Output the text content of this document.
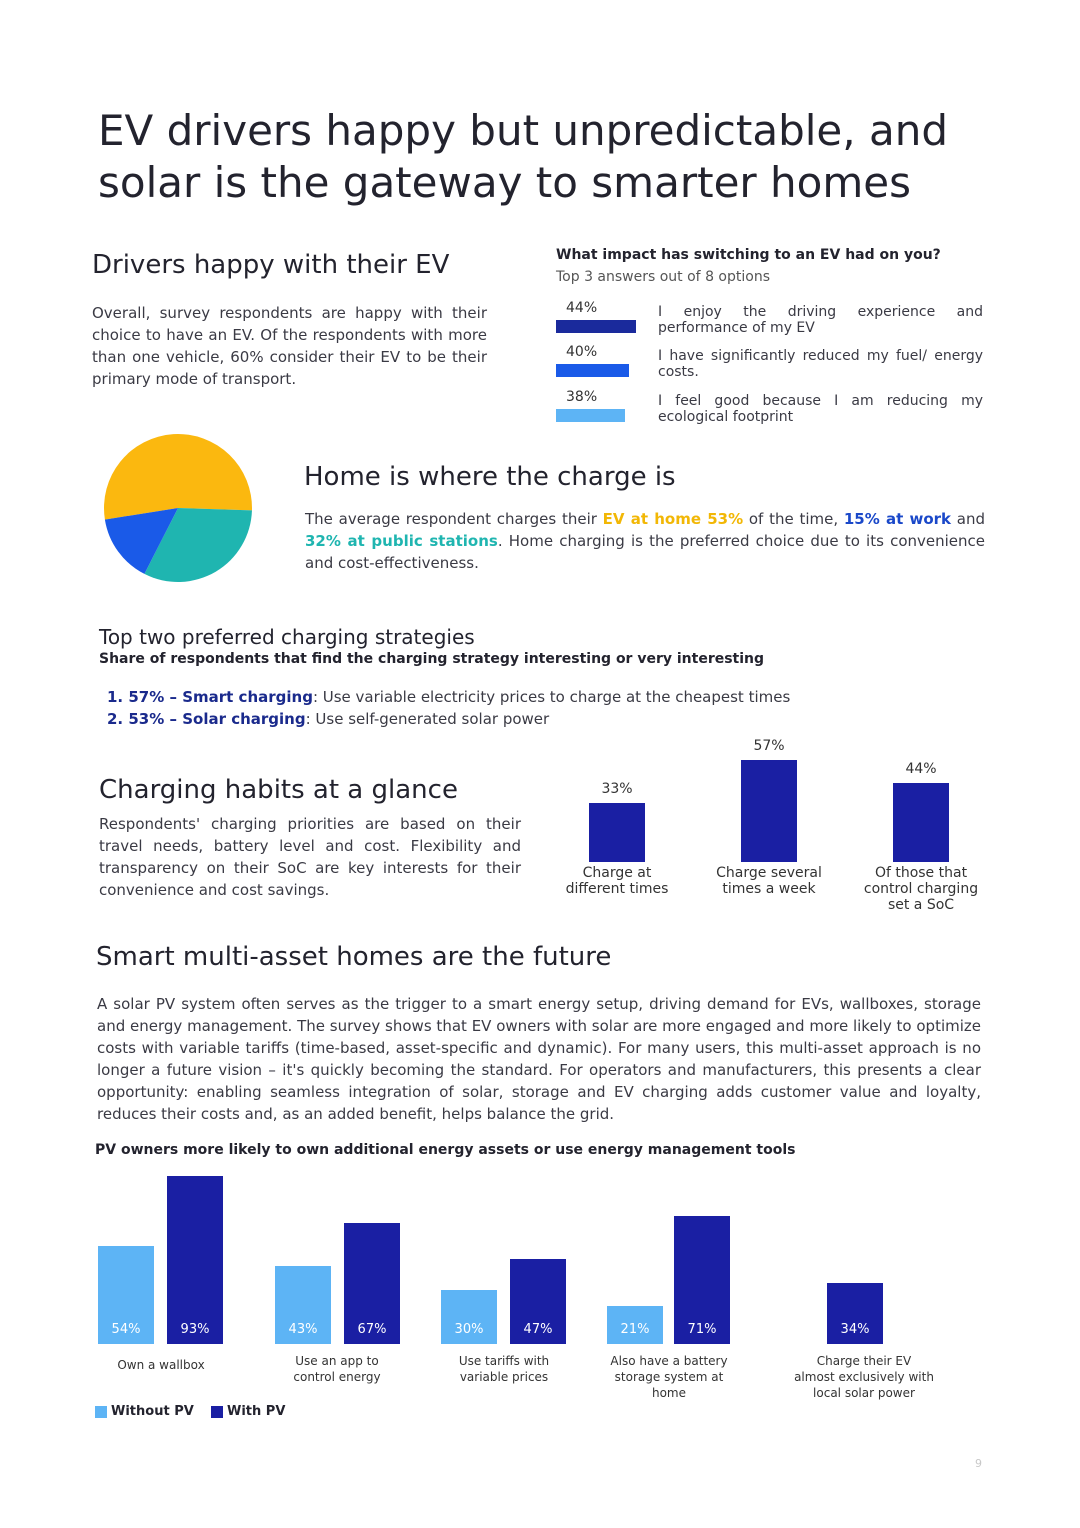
EV drivers happy but unpredictable, and
solar is the gateway to smarter homes
Drivers happy with their EV

Overall, survey respondents are happy with their choice to have an EV. Of the respondents with more than one vehicle, 60% consider their EV to be their primary mode of transport.

What impact has switching to an EV had on you?
Top 3 answers out of 8 options
44%	I enjoy the driving experience and performance of my EV
40%	I have significantly reduced my fuel/ energy costs.
38%	I feel good because I am reducing my ecological footprint
Home is where the charge is

The average respondent charges their EV at home 53% of the time, 15% at work and 32% at public stations. Home charging is the preferred choice due to its convenience and cost-effectiveness.

Top two preferred charging strategies
Share of respondents that find the charging strategy interesting or very interesting
1. 57% – Smart charging: Use variable electricity prices to charge at the cheapest times
2. 53% – Solar charging: Use self-generated solar power
Charging habits at a glance

Respondents' charging priorities are based on their travel needs, battery level and cost. Flexibility and transparency on their SoC are key interests for their convenience and cost savings.

33%
Charge at
different times
57%
Charge several
times a week
44%
Of those that
control charging
set a SoC
Smart multi-asset homes are the future

A solar PV system often serves as the trigger to a smart energy setup, driving demand for EVs, wallboxes, storage and energy management. The survey shows that EV owners with solar are more engaged and more likely to optimize costs with variable tariffs (time-based, asset-specific and dynamic). For many users, this multi-asset approach is no longer a future vision – it's quickly becoming the standard. For operators and manufacturers, this presents a clear opportunity: enabling seamless integration of solar, storage and EV charging adds customer value and loyalty, reduces their costs and, as an added benefit, helps balance the grid.

PV owners more likely to own additional energy assets or use energy management tools
54%	93%
Own a wallbox
43%	67%
Use an app to
control energy
30%	47%
Use tariffs with
variable prices
21%	71%
Also have a battery
storage system at
home
34%
Charge their EV
almost exclusively with
local solar power
Without PV	With PV
9
